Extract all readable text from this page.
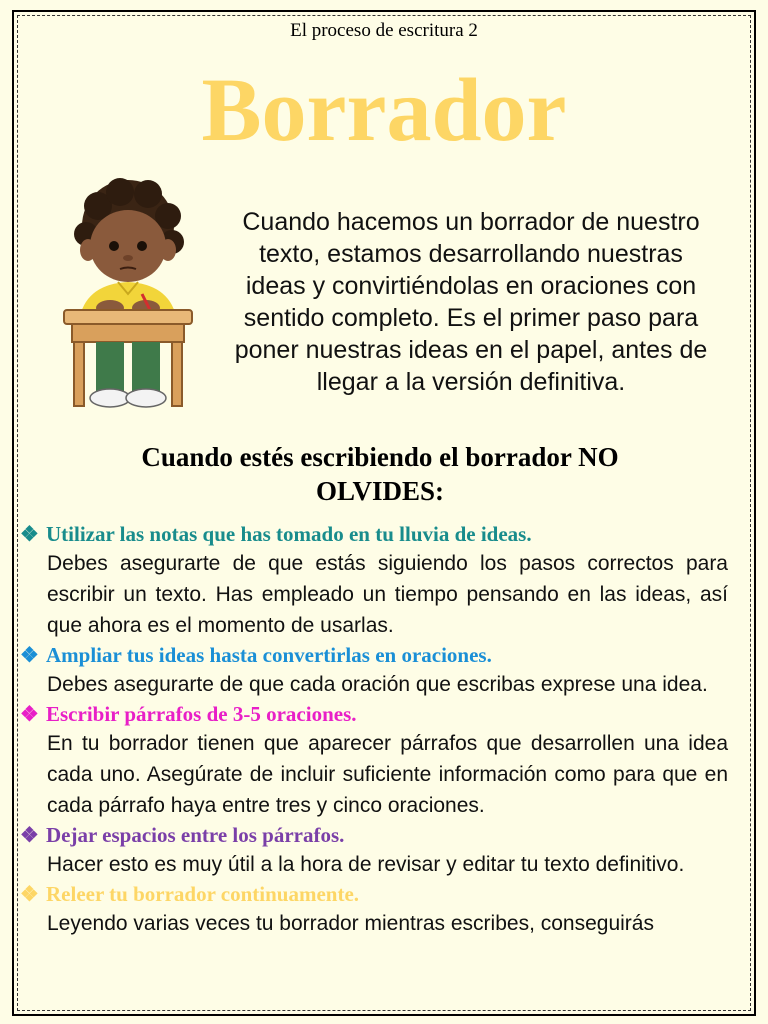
El proceso de escritura 2
Borrador
Cuando hacemos un borrador de nuestro texto, estamos desarrollando nuestras ideas y convirtiéndolas en oraciones con sentido completo. Es el primer paso para poner nuestras ideas en el papel, antes de llegar a la versión definitiva.
Cuando estés escribiendo el borrador NO
OLVIDES:

❖ Utilizar las notas que has tomado en tu lluvia de ideas.

Debes asegurarte de que estás siguiendo los pasos correctos para escribir un texto. Has empleado un tiempo pensando en las ideas, así que ahora es el momento de usarlas.

❖ Ampliar tus ideas hasta convertirlas en oraciones.

Debes asegurarte de que cada oración que escribas exprese una idea.

❖ Escribir párrafos de 3-5 oraciones.

En tu borrador tienen que aparecer párrafos que desarrollen una idea cada uno. Asegúrate de incluir suficiente información como para que en cada párrafo haya entre tres y cinco oraciones.

❖ Dejar espacios entre los párrafos.

Hacer esto es muy útil a la hora de revisar y editar tu texto definitivo.

❖ Releer tu borrador continuamente.

Leyendo varias veces tu borrador mientras escribes, conseguirás
